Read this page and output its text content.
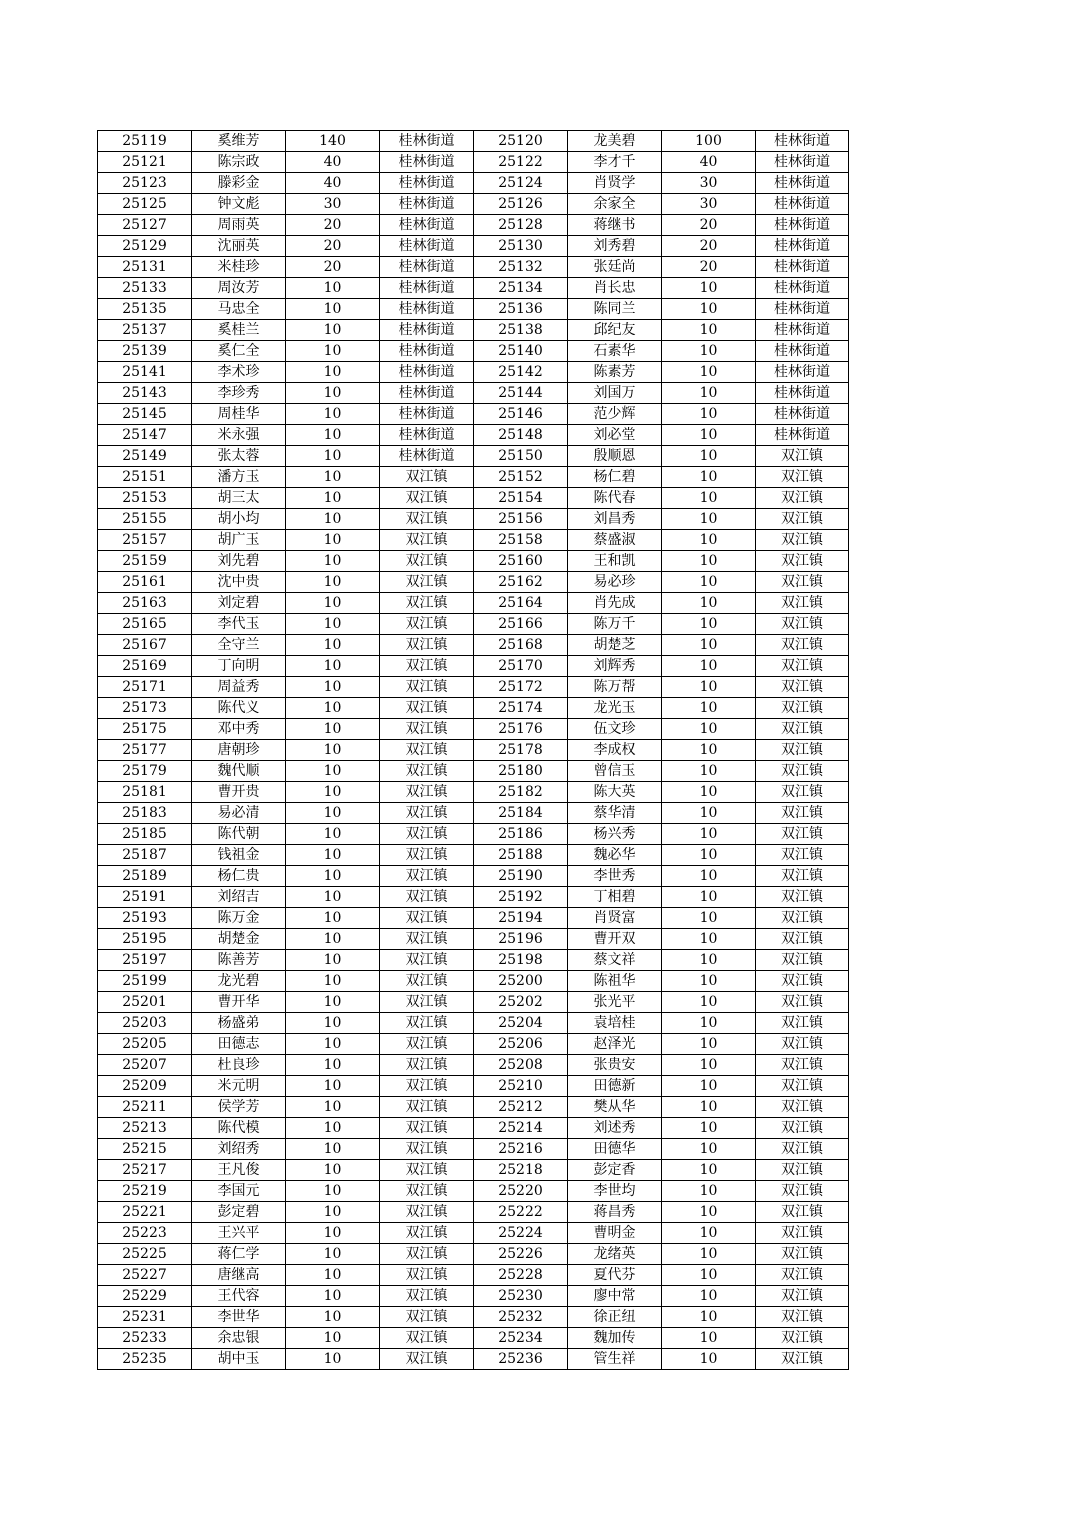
25119	奚维芳	140	桂林街道	25120	龙美碧	100	桂林街道
25121	陈宗政	40	桂林街道	25122	李才千	40	桂林街道
25123	滕彩金	40	桂林街道	25124	肖贤学	30	桂林街道
25125	钟文彪	30	桂林街道	25126	余家全	30	桂林街道
25127	周雨英	20	桂林街道	25128	蒋继书	20	桂林街道
25129	沈丽英	20	桂林街道	25130	刘秀碧	20	桂林街道
25131	米桂珍	20	桂林街道	25132	张廷尚	20	桂林街道
25133	周汝芳	10	桂林街道	25134	肖长忠	10	桂林街道
25135	马忠全	10	桂林街道	25136	陈同兰	10	桂林街道
25137	奚桂兰	10	桂林街道	25138	邱纪友	10	桂林街道
25139	奚仁全	10	桂林街道	25140	石素华	10	桂林街道
25141	李术珍	10	桂林街道	25142	陈素芳	10	桂林街道
25143	李珍秀	10	桂林街道	25144	刘国万	10	桂林街道
25145	周桂华	10	桂林街道	25146	范少辉	10	桂林街道
25147	米永强	10	桂林街道	25148	刘必堂	10	桂林街道
25149	张太蓉	10	桂林街道	25150	殷顺恩	10	双江镇
25151	潘方玉	10	双江镇	25152	杨仁碧	10	双江镇
25153	胡三太	10	双江镇	25154	陈代春	10	双江镇
25155	胡小均	10	双江镇	25156	刘昌秀	10	双江镇
25157	胡广玉	10	双江镇	25158	蔡盛淑	10	双江镇
25159	刘先碧	10	双江镇	25160	王和凯	10	双江镇
25161	沈中贵	10	双江镇	25162	易必珍	10	双江镇
25163	刘定碧	10	双江镇	25164	肖先成	10	双江镇
25165	李代玉	10	双江镇	25166	陈万千	10	双江镇
25167	全守兰	10	双江镇	25168	胡楚芝	10	双江镇
25169	丁向明	10	双江镇	25170	刘辉秀	10	双江镇
25171	周益秀	10	双江镇	25172	陈万帮	10	双江镇
25173	陈代义	10	双江镇	25174	龙光玉	10	双江镇
25175	邓中秀	10	双江镇	25176	伍文珍	10	双江镇
25177	唐朝珍	10	双江镇	25178	李成权	10	双江镇
25179	魏代顺	10	双江镇	25180	曾信玉	10	双江镇
25181	曹开贵	10	双江镇	25182	陈大英	10	双江镇
25183	易必清	10	双江镇	25184	蔡华清	10	双江镇
25185	陈代朝	10	双江镇	25186	杨兴秀	10	双江镇
25187	钱祖金	10	双江镇	25188	魏必华	10	双江镇
25189	杨仁贵	10	双江镇	25190	李世秀	10	双江镇
25191	刘绍吉	10	双江镇	25192	丁相碧	10	双江镇
25193	陈万金	10	双江镇	25194	肖贤富	10	双江镇
25195	胡楚金	10	双江镇	25196	曹开双	10	双江镇
25197	陈善芳	10	双江镇	25198	蔡文祥	10	双江镇
25199	龙光碧	10	双江镇	25200	陈祖华	10	双江镇
25201	曹开华	10	双江镇	25202	张光平	10	双江镇
25203	杨盛弟	10	双江镇	25204	袁培桂	10	双江镇
25205	田德志	10	双江镇	25206	赵泽光	10	双江镇
25207	杜良珍	10	双江镇	25208	张贵安	10	双江镇
25209	米元明	10	双江镇	25210	田德新	10	双江镇
25211	侯学芳	10	双江镇	25212	樊从华	10	双江镇
25213	陈代模	10	双江镇	25214	刘述秀	10	双江镇
25215	刘绍秀	10	双江镇	25216	田德华	10	双江镇
25217	王凡俊	10	双江镇	25218	彭定香	10	双江镇
25219	李国元	10	双江镇	25220	李世均	10	双江镇
25221	彭定碧	10	双江镇	25222	蒋昌秀	10	双江镇
25223	王兴平	10	双江镇	25224	曹明金	10	双江镇
25225	蒋仁学	10	双江镇	25226	龙绪英	10	双江镇
25227	唐继高	10	双江镇	25228	夏代芬	10	双江镇
25229	王代容	10	双江镇	25230	廖中常	10	双江镇
25231	李世华	10	双江镇	25232	徐正纽	10	双江镇
25233	余忠银	10	双江镇	25234	魏加传	10	双江镇
25235	胡中玉	10	双江镇	25236	管生祥	10	双江镇
